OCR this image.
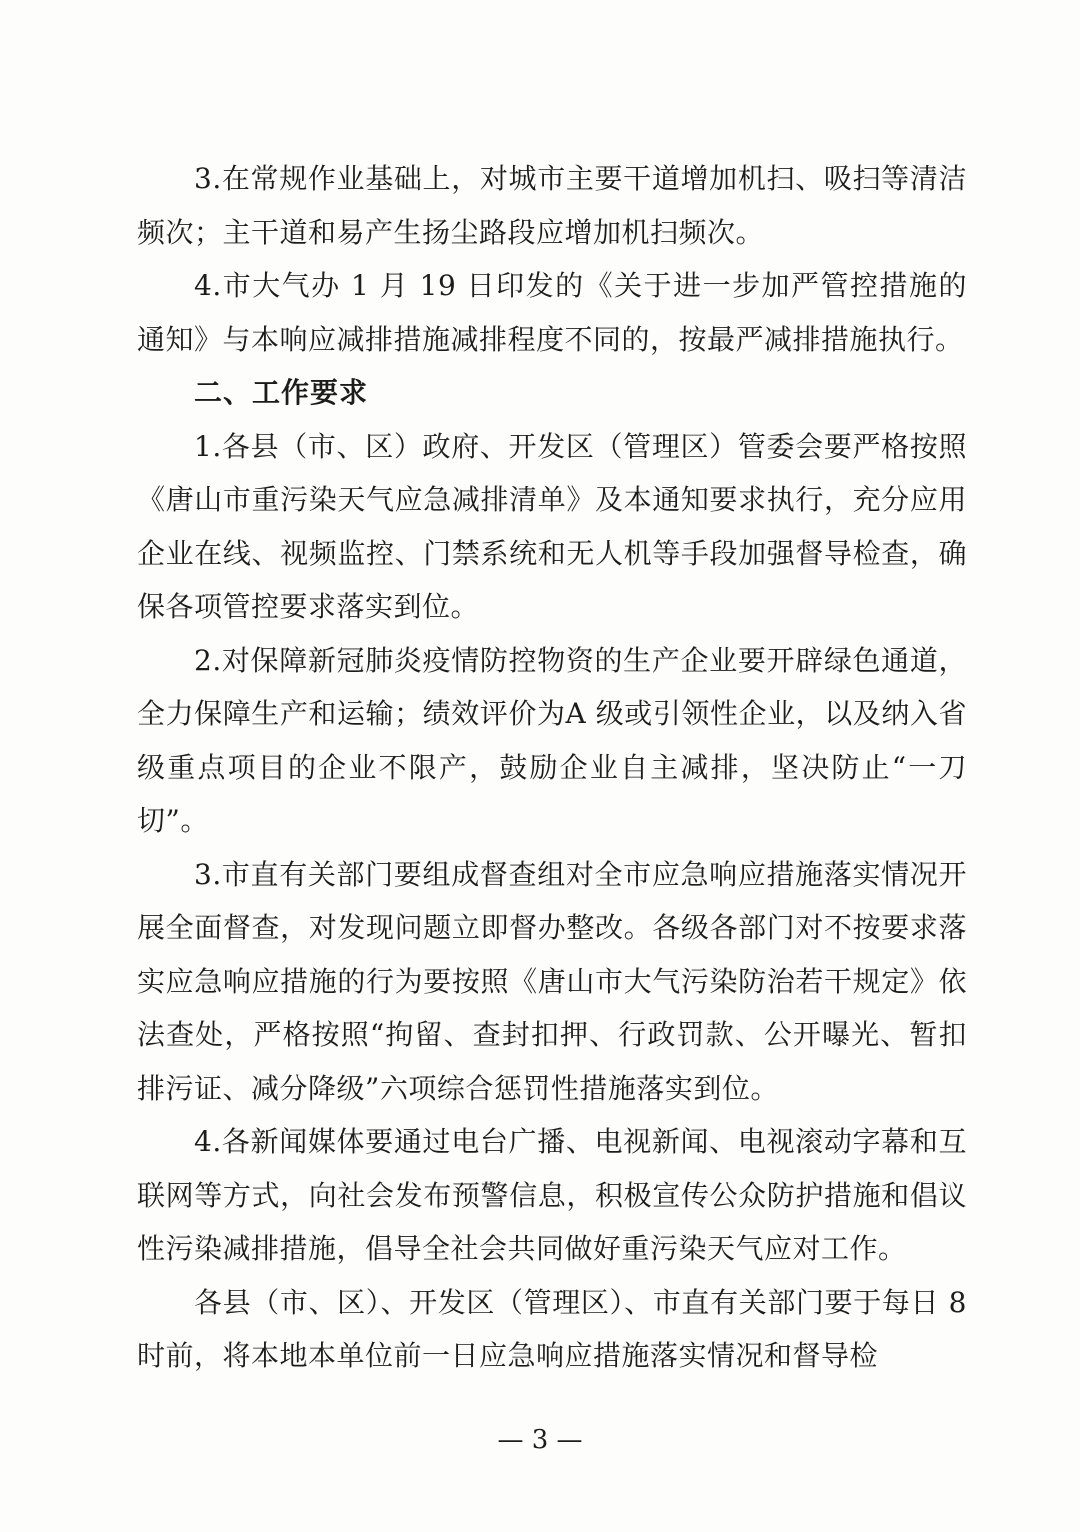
3.在常规作业基础上，对城市主要干道增加机扫、吸扫等清洁频次；主干道和易产生扬尘路段应增加机扫频次。

4.市大气办 1 月 19 日印发的《关于进一步加严管控措施的通知》与本响应减排措施减排程度不同的，按最严减排措施执行。

二、工作要求

1.各县（市、区）政府、开发区（管理区）管委会要严格按照《唐山市重污染天气应急减排清单》及本通知要求执行，充分应用企业在线、视频监控、门禁系统和无人机等手段加强督导检查，确保各项管控要求落实到位。

2.对保障新冠肺炎疫情防控物资的生产企业要开辟绿色通道，全力保障生产和运输；绩效评价为A 级或引领性企业，以及纳入省级重点项目的企业不限产，鼓励企业自主减排，坚决防止“一刀切”。

3.市直有关部门要组成督查组对全市应急响应措施落实情况开展全面督查，对发现问题立即督办整改。各级各部门对不按要求落实应急响应措施的行为要按照《唐山市大气污染防治若干规定》依法查处，严格按照“拘留、查封扣押、行政罚款、公开曝光、暂扣排污证、减分降级”六项综合惩罚性措施落实到位。

4.各新闻媒体要通过电台广播、电视新闻、电视滚动字幕和互联网等方式，向社会发布预警信息，积极宣传公众防护措施和倡议性污染减排措施，倡导全社会共同做好重污染天气应对工作。

各县（市、区）、开发区（管理区）、市直有关部门要于每日 8 时前，将本地本单位前一日应急响应措施落实情况和督导检

— 3 —
